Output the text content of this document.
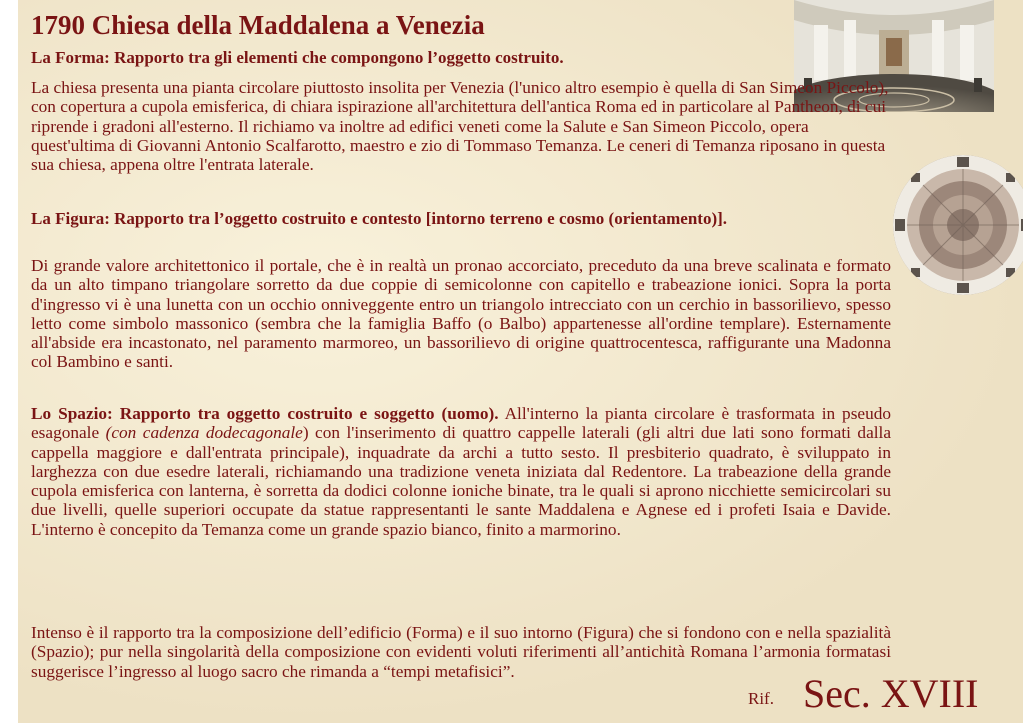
1790 Chiesa della Maddalena a Venezia
La Forma: Rapporto tra gli elementi che compongono l’oggetto costruito.

La chiesa presenta una pianta circolare piuttosto insolita per Venezia (l'unico altro esempio è quella di San Simeon Piccolo), con copertura a cupola emisferica, di chiara ispirazione all'architettura dell'antica Roma ed in particolare al Pantheon, di cui riprende i gradoni all'esterno. Il richiamo va inoltre ad edifici veneti come la Salute e San Simeon Piccolo, opera quest'ultima di Giovanni Antonio Scalfarotto, maestro e zio di Tommaso Temanza. Le ceneri di Temanza riposano in questa sua chiesa, appena oltre l'entrata laterale.

La Figura: Rapporto tra l’oggetto costruito e contesto [intorno terreno e cosmo (orientamento)].

Di grande valore architettonico il portale, che è in realtà un pronao accorciato, preceduto da una breve scalinata e formato da un alto timpano triangolare sorretto da due coppie di semicolonne con capitello e trabeazione ionici. Sopra la porta d'ingresso vi è una lunetta con un occhio onniveggente entro un triangolo intrecciato con un cerchio in bassorilievo, spesso letto come simbolo massonico (sembra che la famiglia Baffo (o Balbo) appartenesse all'ordine templare). Esternamente all'abside era incastonato, nel paramento marmoreo, un bassorilievo di origine quattrocentesca, raffigurante una Madonna col Bambino e santi.

Lo Spazio: Rapporto tra oggetto costruito e soggetto (uomo). All'interno la pianta circolare è trasformata in pseudo esagonale (con cadenza dodecagonale) con l'inserimento di quattro cappelle laterali (gli altri due lati sono formati dalla cappella maggiore e dall'entrata principale), inquadrate da archi a tutto sesto. Il presbiterio quadrato, è sviluppato in larghezza con due esedre laterali, richiamando una tradizione veneta iniziata dal Redentore. La trabeazione della grande cupola emisferica con lanterna, è sorretta da dodici colonne ioniche binate, tra le quali si aprono nicchiette semicircolari su due livelli, quelle superiori occupate da statue rappresentanti le sante Maddalena e Agnese ed i profeti Isaia e Davide. L'interno è concepito da Temanza come un grande spazio bianco, finito a marmorino.

Intenso è il rapporto tra la composizione dell’edificio (Forma) e il suo intorno (Figura) che si fondono con e nella spazialità (Spazio); pur nella singolarità della composizione con evidenti voluti riferimenti all’antichità Romana l’armonia formatasi suggerisce l’ingresso al luogo sacro che rimanda a “tempi metafisici”.

Rif. Sec. XVIII
